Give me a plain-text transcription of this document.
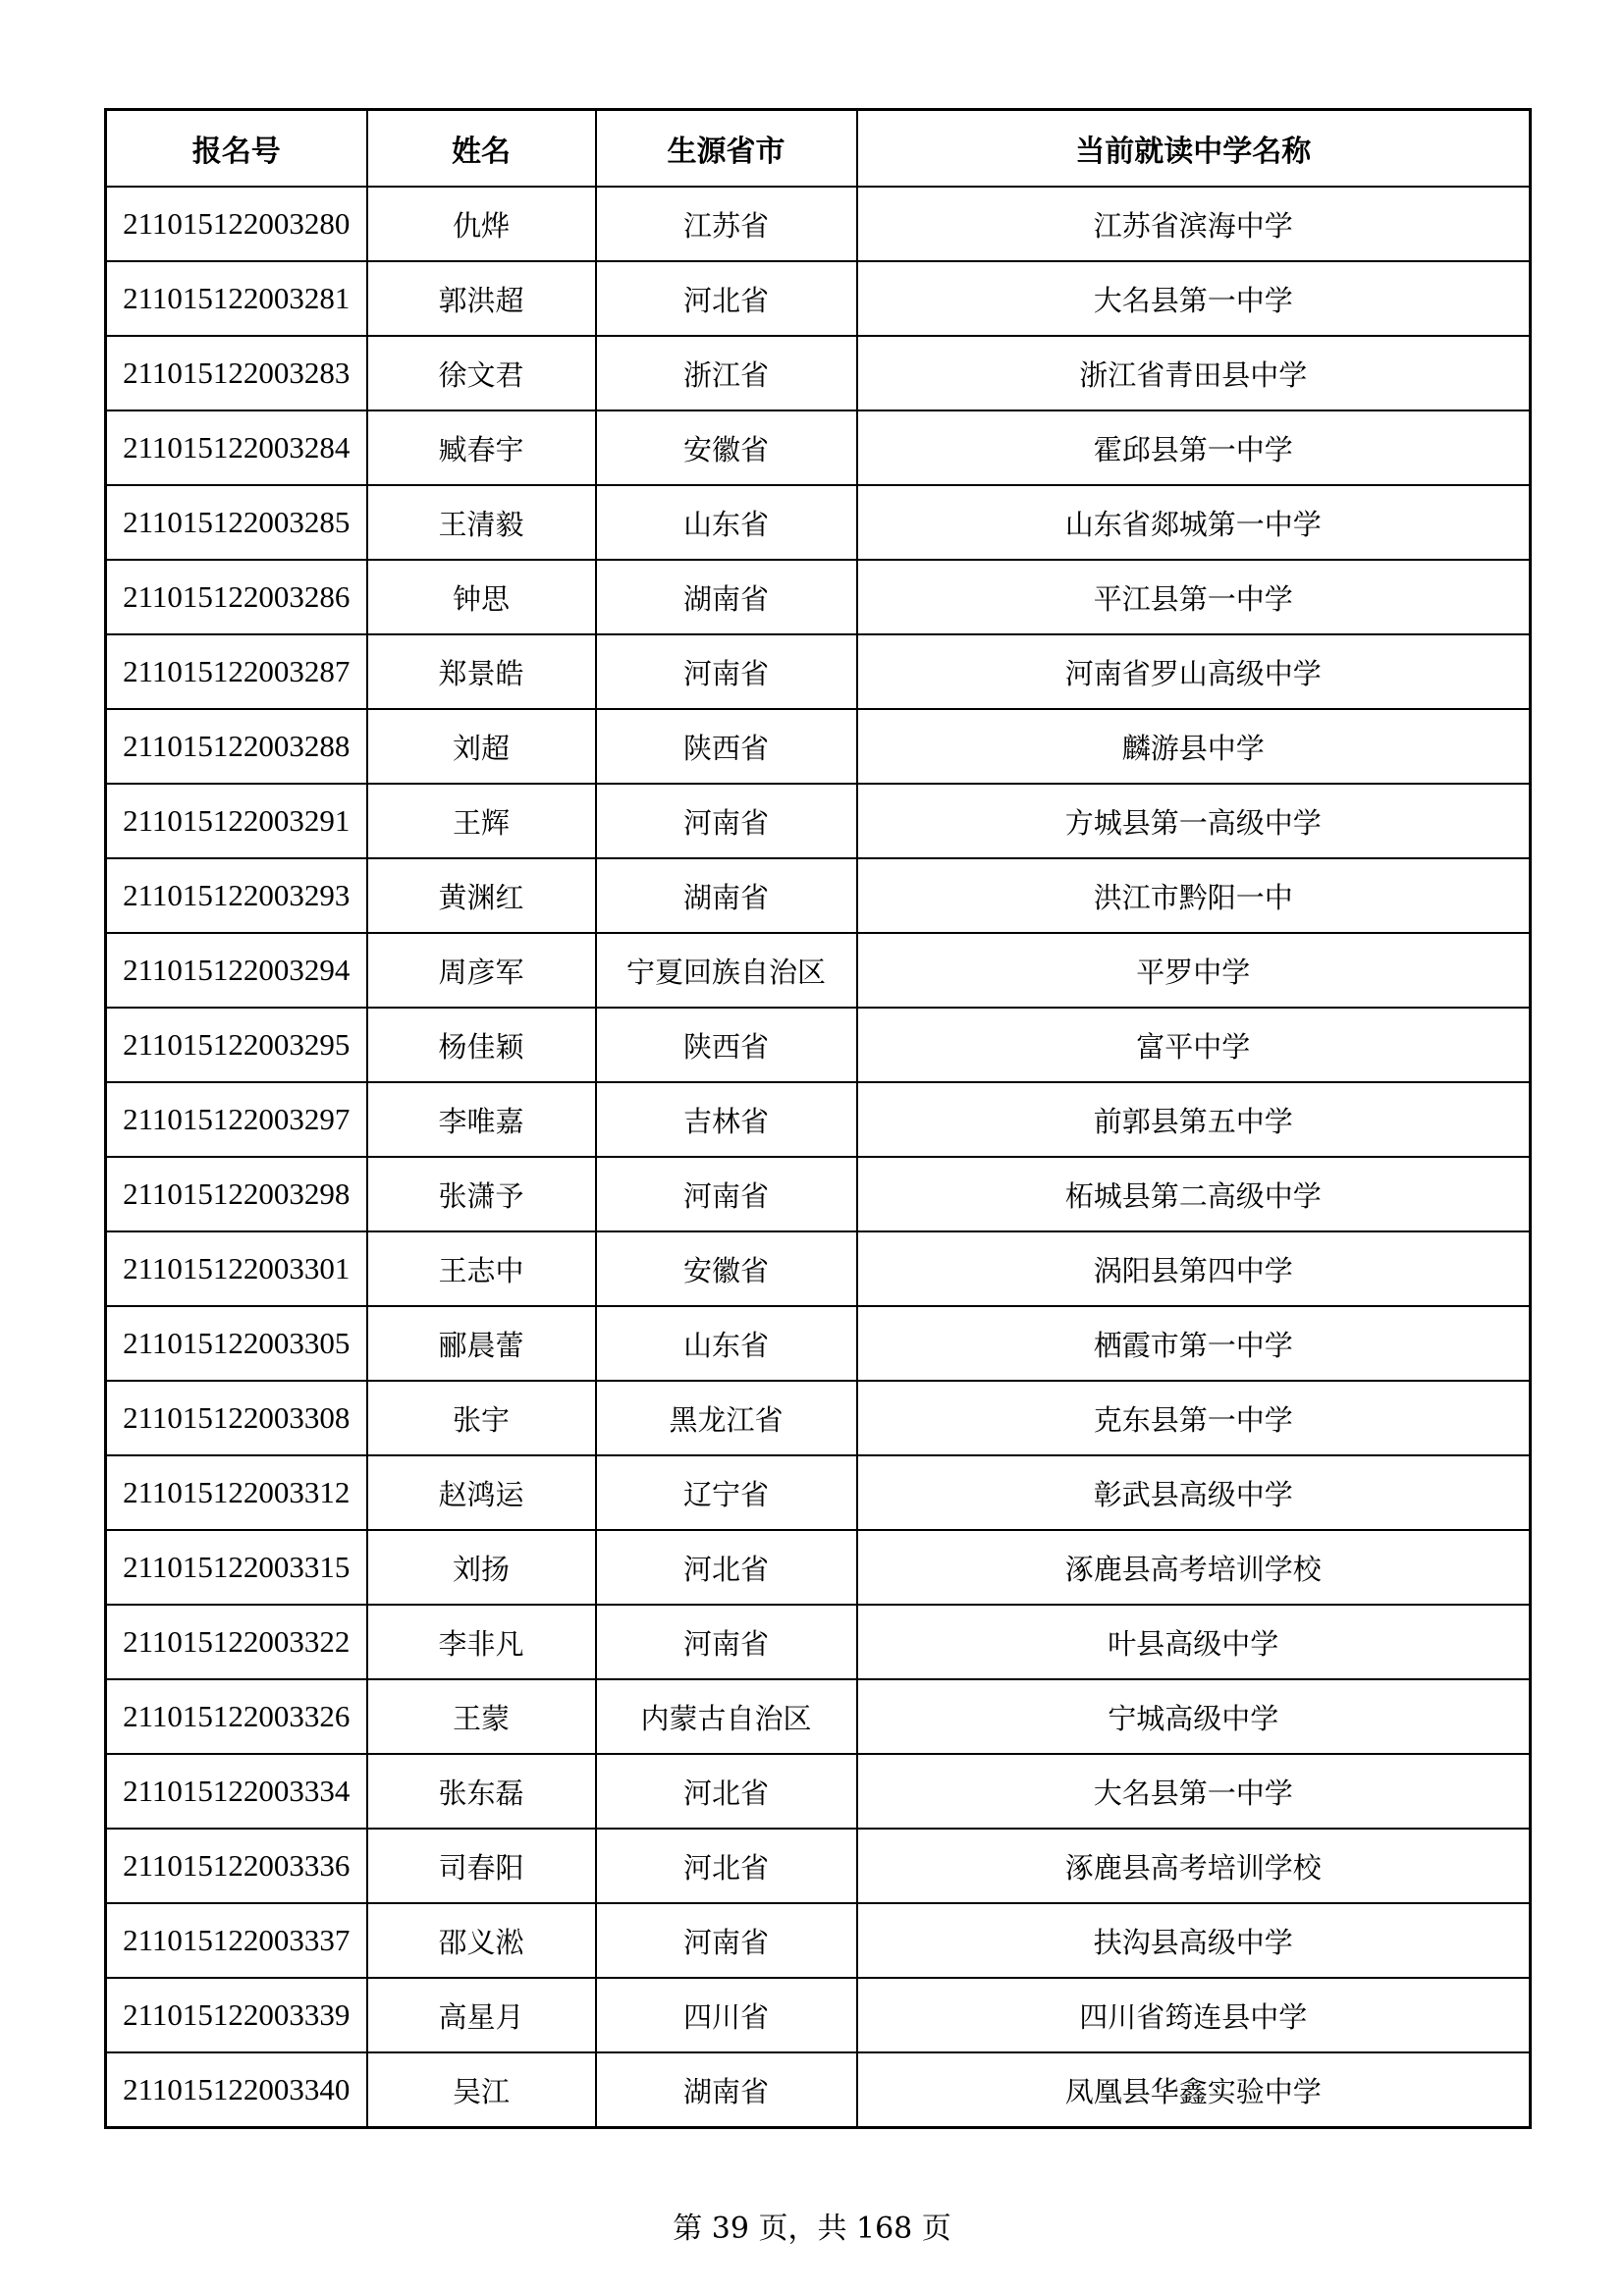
报名号	姓名	生源省市	当前就读中学名称
211015122003280	仇烨	江苏省	江苏省滨海中学
211015122003281	郭洪超	河北省	大名县第一中学
211015122003283	徐文君	浙江省	浙江省青田县中学
211015122003284	臧春宇	安徽省	霍邱县第一中学
211015122003285	王清毅	山东省	山东省郯城第一中学
211015122003286	钟思	湖南省	平江县第一中学
211015122003287	郑景皓	河南省	河南省罗山高级中学
211015122003288	刘超	陕西省	麟游县中学
211015122003291	王辉	河南省	方城县第一高级中学
211015122003293	黄渊红	湖南省	洪江市黔阳一中
211015122003294	周彦军	宁夏回族自治区	平罗中学
211015122003295	杨佳颖	陕西省	富平中学
211015122003297	李唯嘉	吉林省	前郭县第五中学
211015122003298	张潇予	河南省	柘城县第二高级中学
211015122003301	王志中	安徽省	涡阳县第四中学
211015122003305	郦晨蕾	山东省	栖霞市第一中学
211015122003308	张宇	黑龙江省	克东县第一中学
211015122003312	赵鸿运	辽宁省	彰武县高级中学
211015122003315	刘扬	河北省	涿鹿县高考培训学校
211015122003322	李非凡	河南省	叶县高级中学
211015122003326	王蒙	内蒙古自治区	宁城高级中学
211015122003334	张东磊	河北省	大名县第一中学
211015122003336	司春阳	河北省	涿鹿县高考培训学校
211015122003337	邵义淞	河南省	扶沟县高级中学
211015122003339	高星月	四川省	四川省筠连县中学
211015122003340	吴江	湖南省	凤凰县华鑫实验中学
第 39 页，共 168 页
